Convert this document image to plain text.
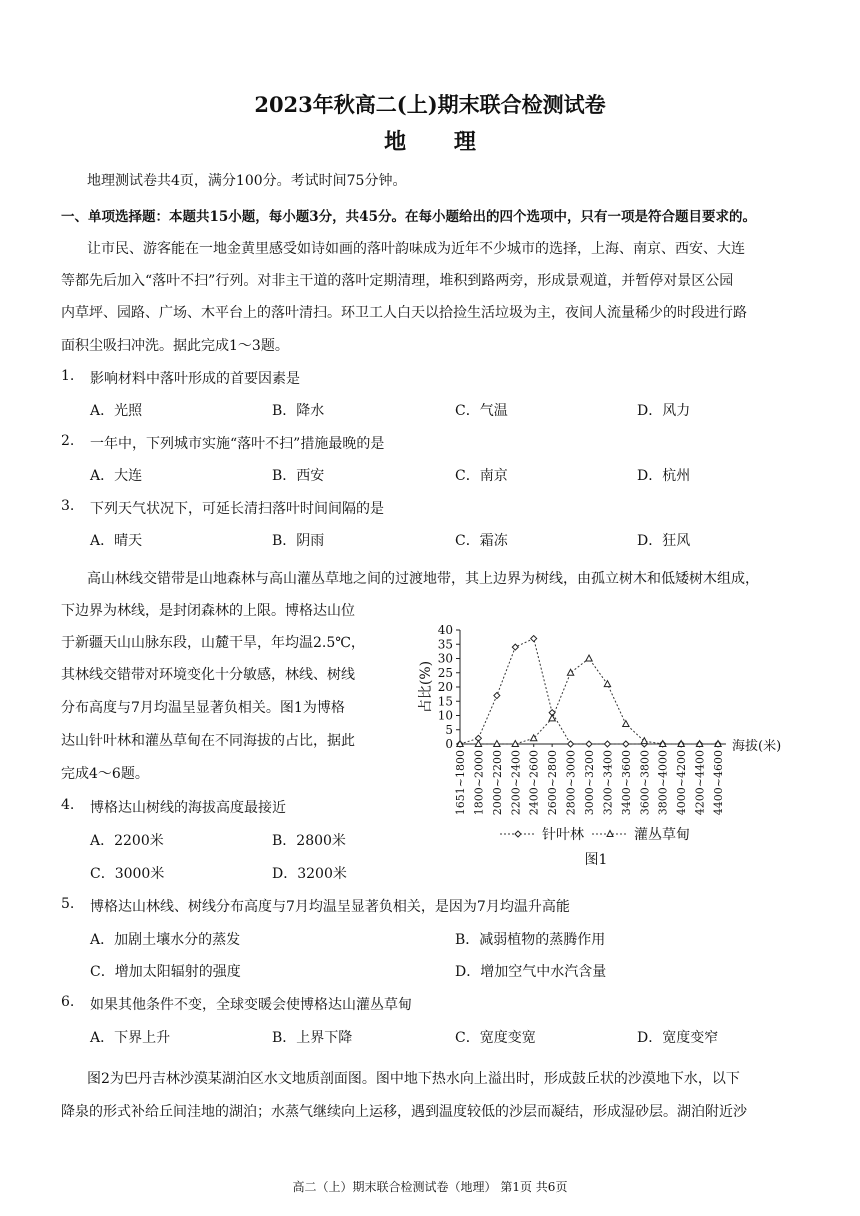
2023年秋高二(上)期末联合检测试卷
地 理
地理测试卷共4页，满分100分。考试时间75分钟。
一、单项选择题：本题共15小题，每小题3分，共45分。在每小题给出的四个选项中，只有一项是符合题目要求的。
让市民、游客能在一地金黄里感受如诗如画的落叶韵味成为近年不少城市的选择，上海、南京、西安、大连
等都先后加入“落叶不扫”行列。对非主干道的落叶定期清理，堆积到路两旁，形成景观道，并暂停对景区公园
内草坪、园路、广场、木平台上的落叶清扫。环卫工人白天以拾捡生活垃圾为主，夜间人流量稀少的时段进行路
面积尘吸扫冲洗。据此完成1～3题。
1. 影响材料中落叶形成的首要因素是
A．光照	B．降水	C．气温	D．风力
2. 一年中，下列城市实施“落叶不扫”措施最晚的是
A．大连	B．西安	C．南京	D．杭州
3. 下列天气状况下，可延长清扫落叶时间间隔的是
A．晴天	B．阴雨	C．霜冻	D．狂风
高山林线交错带是山地森林与高山灌丛草地之间的过渡地带，其上边界为树线，由孤立树木和低矮树木组成，
下边界为林线，是封闭森林的上限。博格达山位
于新疆天山山脉东段，山麓干旱，年均温2.5℃，
其林线交错带对环境变化十分敏感，林线、树线
分布高度与7月均温呈显著负相关。图1为博格
达山针叶林和灌丛草甸在不同海拔的占比，据此
完成4～6题。
4. 博格达山树线的海拔高度最接近
A．2200米	B．2800米
C．3000米	D．3200米
5. 博格达山林线、树线分布高度与7月均温呈显著负相关，是因为7月均温升高能
A．加剧土壤水分的蒸发	B．减弱植物的蒸腾作用
C．增加太阳辐射的强度	D．增加空气中水汽含量
6. 如果其他条件不变，全球变暖会使博格达山灌丛草甸
A．下界上升	B．上界下降	C．宽度变宽	D．宽度变窄
图2为巴丹吉林沙漠某湖泊区水文地质剖面图。图中地下热水向上溢出时，形成鼓丘状的沙漠地下水，以下
降泉的形式补给丘间洼地的湖泊；水蒸气继续向上运移，遇到温度较低的沙层而凝结，形成湿砂层。湖泊附近沙
高二（上）期末联合检测试卷（地理） 第1页 共6页
0
5
10
15
20
25
30
35
40
占比(%)
海拔(米)
1651~1800 1800~2000 2000~2200 2200~2400 2400~2600 2600~2800 2800~3000 3000~3200 3200~3400 3400~3600 3600~3800 3800~4000 4000~4200 4200~4400 4400~4600
针叶林	灌丛草甸
图1
